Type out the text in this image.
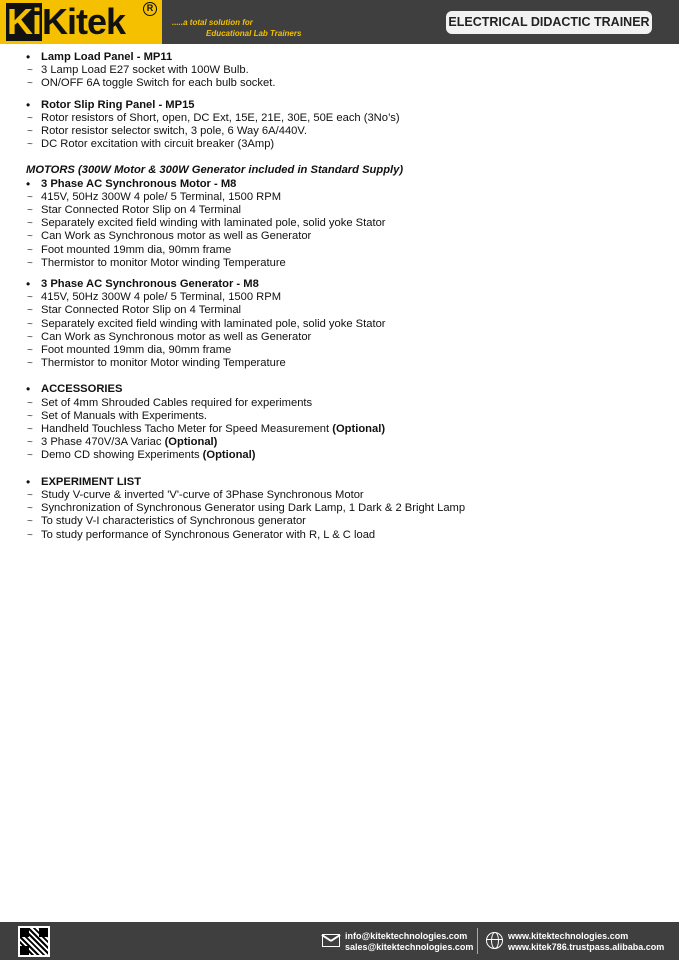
KiKitek	R
.....a total solution for
Educational Lab Trainers
ELECTRICAL DIDACTIC TRAINER
• Lamp Load Panel - MP11
~ 3 Lamp Load E27 socket with 100W Bulb.
~ ON/OFF 6A toggle Switch for each bulb socket.
• Rotor Slip Ring Panel - MP15
~ Rotor resistors of Short, open, DC Ext, 15E, 21E, 30E, 50E each (3No’s)
~ Rotor resistor selector switch, 3 pole, 6 Way 6A/440V.
~ DC Rotor excitation with circuit breaker (3Amp)
MOTORS (300W Motor & 300W Generator included in Standard Supply)
• 3 Phase AC Synchronous Motor - M8
~ 415V, 50Hz 300W 4 pole/ 5 Terminal, 1500 RPM
~ Star Connected Rotor Slip on 4 Terminal
~ Separately excited field winding with laminated pole, solid yoke Stator
~ Can Work as Synchronous motor as well as Generator
~ Foot mounted 19mm dia, 90mm frame
~ Thermistor to monitor Motor winding Temperature
• 3 Phase AC Synchronous Generator - M8
~ 415V, 50Hz 300W 4 pole/ 5 Terminal, 1500 RPM
~ Star Connected Rotor Slip on 4 Terminal
~ Separately excited field winding with laminated pole, solid yoke Stator
~ Can Work as Synchronous motor as well as Generator
~ Foot mounted 19mm dia, 90mm frame
~ Thermistor to monitor Motor winding Temperature
• ACCESSORIES
~ Set of 4mm Shrouded Cables required for experiments
~ Set of Manuals with Experiments.
~ Handheld Touchless Tacho Meter for Speed Measurement (Optional)
~ 3 Phase 470V/3A Variac (Optional)
~ Demo CD showing Experiments (Optional)
• EXPERIMENT LIST
~ Study V-curve & inverted 'V'-curve of 3Phase Synchronous Motor
~ Synchronization of Synchronous Generator using Dark Lamp, 1 Dark & 2 Bright Lamp
~ To study V-I characteristics of Synchronous generator
~ To study performance of Synchronous Generator with R, L & C load
info@kitektechnologies.com
sales@kitektechnologies.com
www.kitektechnologies.com
www.kitek786.trustpass.alibaba.com
